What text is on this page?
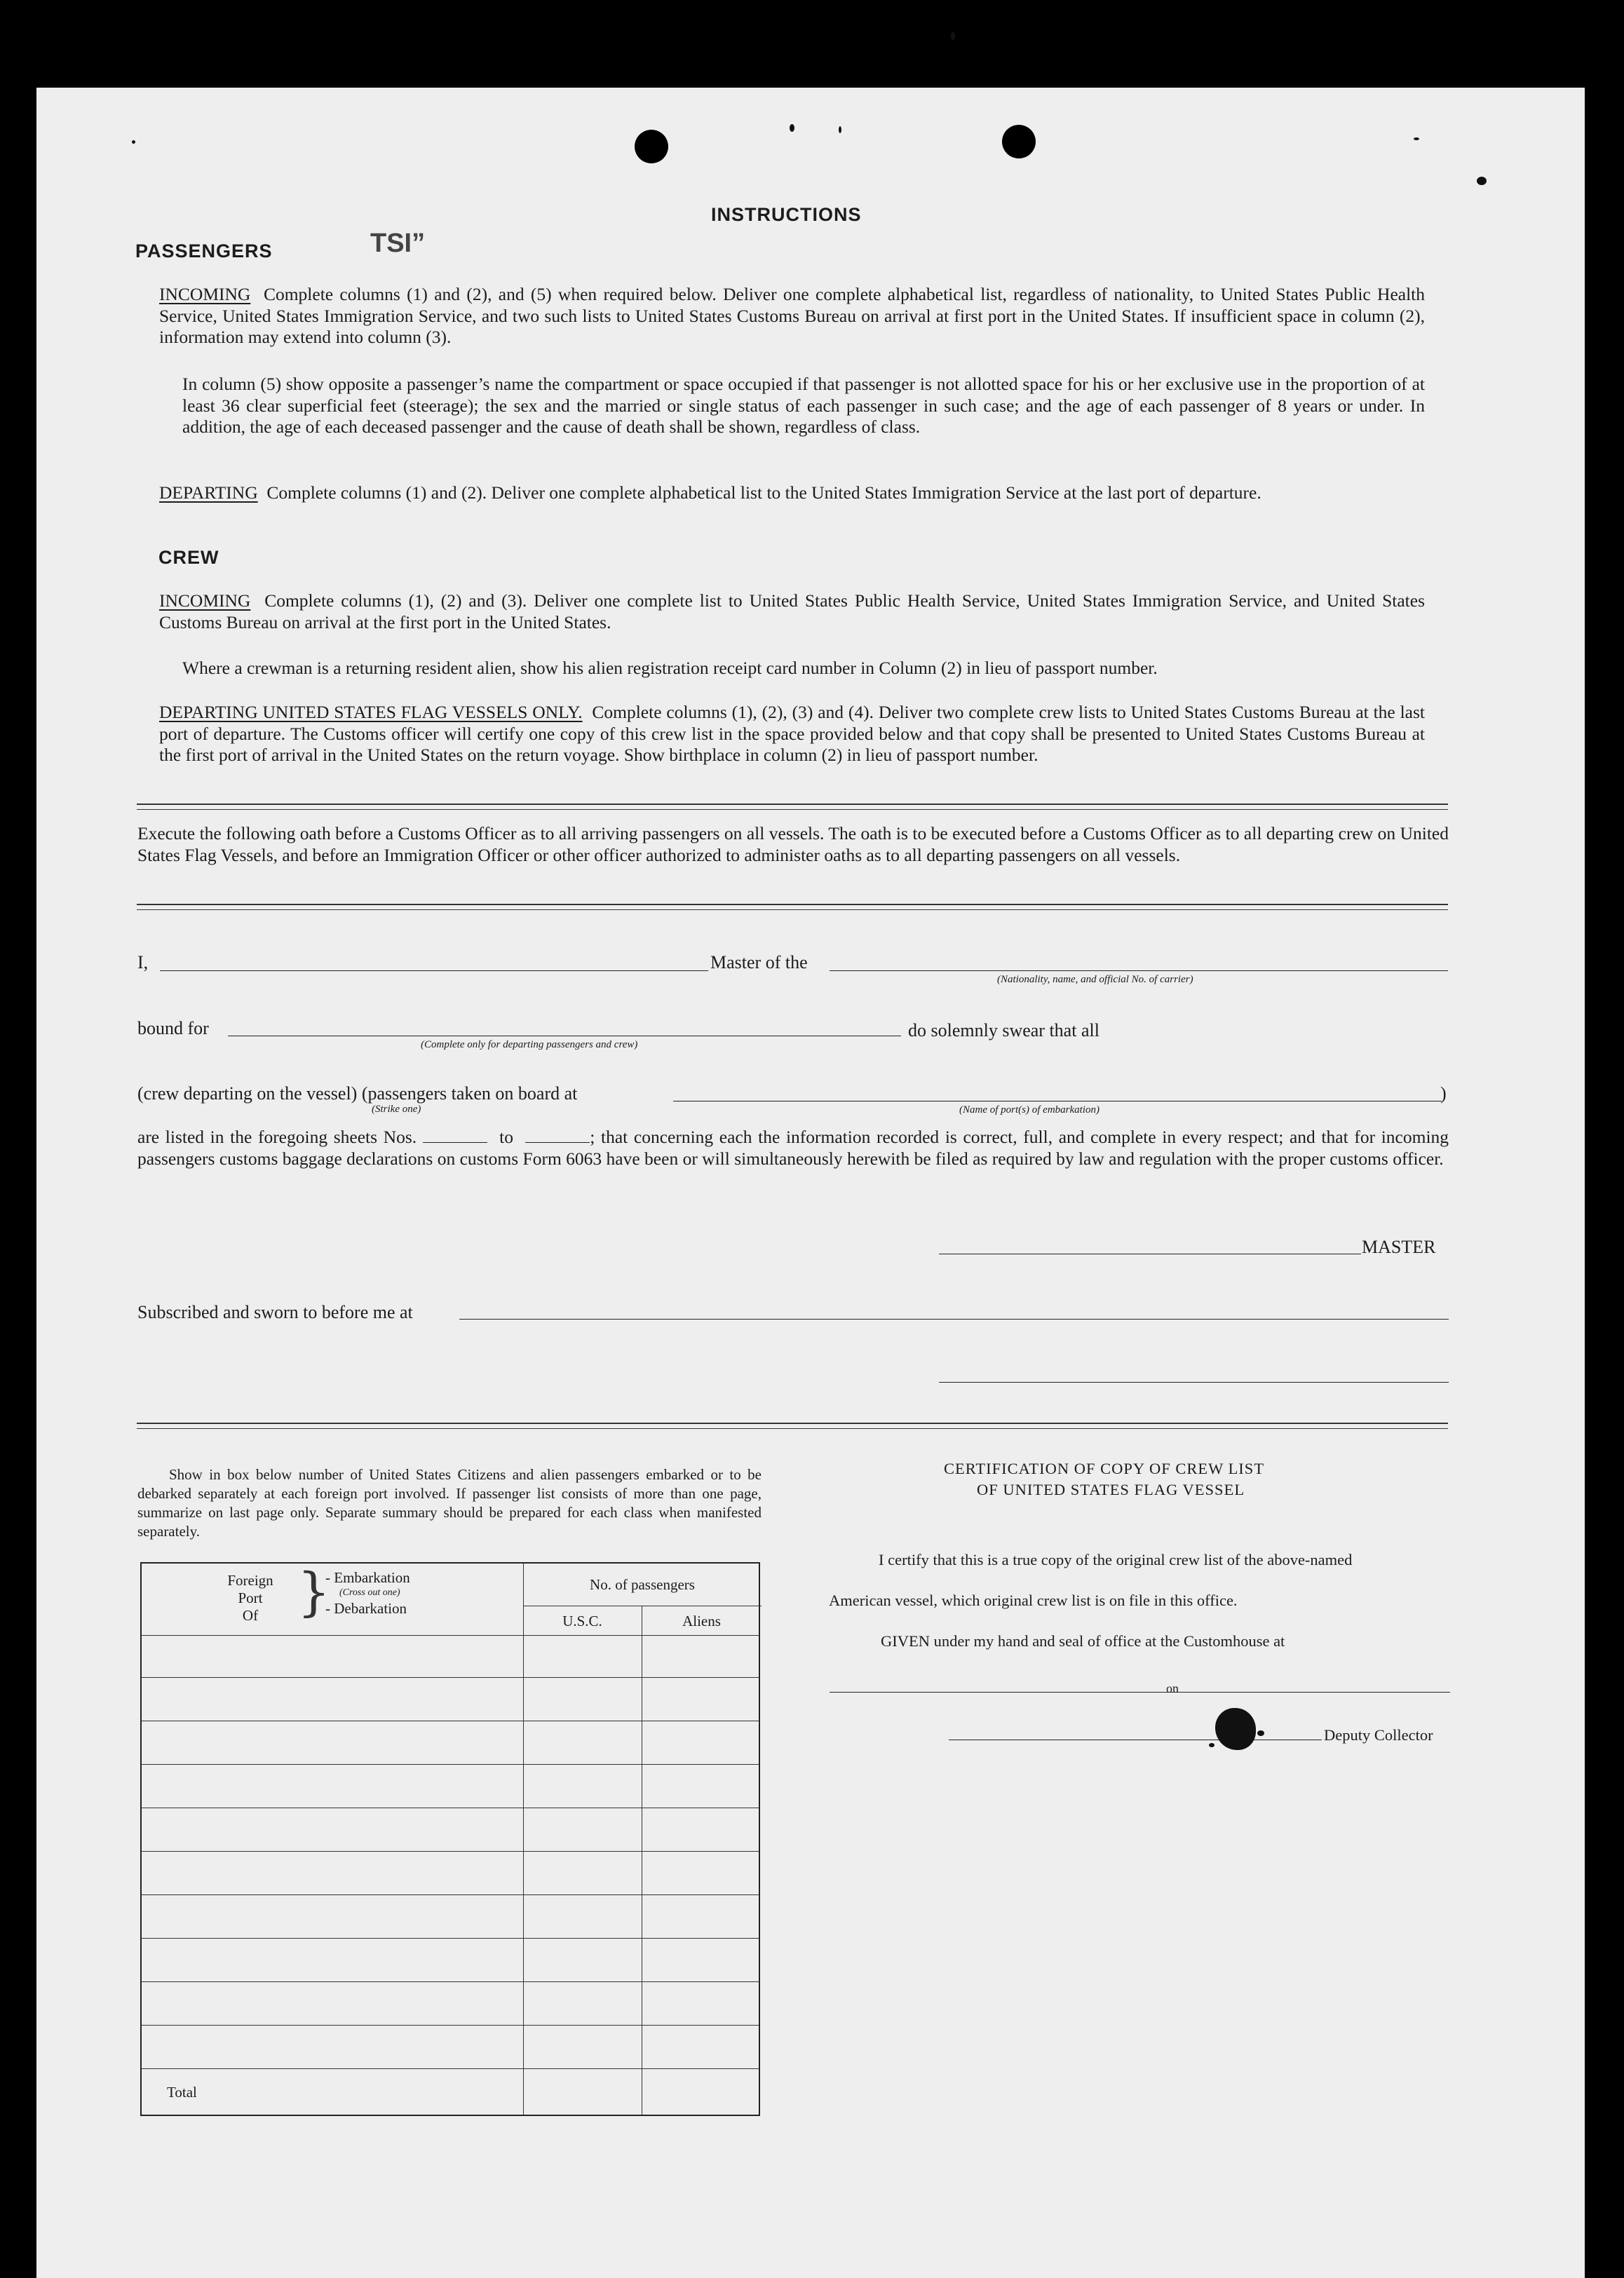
INSTRUCTIONS
TSI”
PASSENGERS
INCOMING Complete columns (1) and (2), and (5) when required below. Deliver one complete alphabetical list, regardless of nationality, to United States Public Health Service, United States Immigration Service, and two such lists to United States Customs Bureau on arrival at first port in the United States. If insufficient space in column (2), information may extend into column (3).
In column (5) show opposite a passenger’s name the compartment or space occupied if that passenger is not allotted space for his or her exclusive use in the proportion of at least 36 clear superficial feet (steerage); the sex and the married or single status of each passenger in such case; and the age of each passenger of 8 years or under. In addition, the age of each deceased passenger and the cause of death shall be shown, regardless of class.
DEPARTING Complete columns (1) and (2). Deliver one complete alphabetical list to the United States Immigration Service at the last port of departure.
CREW
INCOMING Complete columns (1), (2) and (3). Deliver one complete list to United States Public Health Service, United States Immigration Service, and United States Customs Bureau on arrival at the first port in the United States.
Where a crewman is a returning resident alien, show his alien registration receipt card number in Column (2) in lieu of passport number.
DEPARTING UNITED STATES FLAG VESSELS ONLY. Complete columns (1), (2), (3) and (4). Deliver two complete crew lists to United States Customs Bureau at the last port of departure. The Customs officer will certify one copy of this crew list in the space provided below and that copy shall be presented to United States Customs Bureau at the first port of arrival in the United States on the return voyage. Show birthplace in column (2) in lieu of passport number.
Execute the following oath before a Customs Officer as to all arriving passengers on all vessels. The oath is to be executed before a Customs Officer as to all departing crew on United States Flag Vessels, and before an Immigration Officer or other officer authorized to administer oaths as to all departing passengers on all vessels.
I,	Master of the
(Nationality, name, and official No. of carrier)
bound for
(Complete only for departing passengers and crew)
do solemnly swear that all
(crew departing on the vessel) (passengers taken on board at	)
(Strike one)	(Name of port(s) of embarkation)
are listed in the foregoing sheets Nos.	to	; that concerning each the information recorded is correct, full, and complete in every respect; and that for incoming passengers customs baggage declarations on customs Form 6063 have been or will simultaneously herewith be filed as required by law and regulation with the proper customs officer.
MASTER
Subscribed and sworn to before me at
Show in box below number of United States Citizens and alien passengers embarked or to be debarked separately at each foreign port involved. If passenger list consists of more than one page, summarize on last page only. Separate summary should be prepared for each class when manifested separately.
Foreign
Port
Of }
- Embarkation
(Cross out one)
- Debarkation
No. of passengers
U.S.C.	Aliens
Total
CERTIFICATION OF COPY OF CREW LIST
OF UNITED STATES FLAG VESSEL
I certify that this is a true copy of the original crew list of the above-named
American vessel, which original crew list is on file in this office.
GIVEN under my hand and seal of office at the Customhouse at
on
Deputy Collector
